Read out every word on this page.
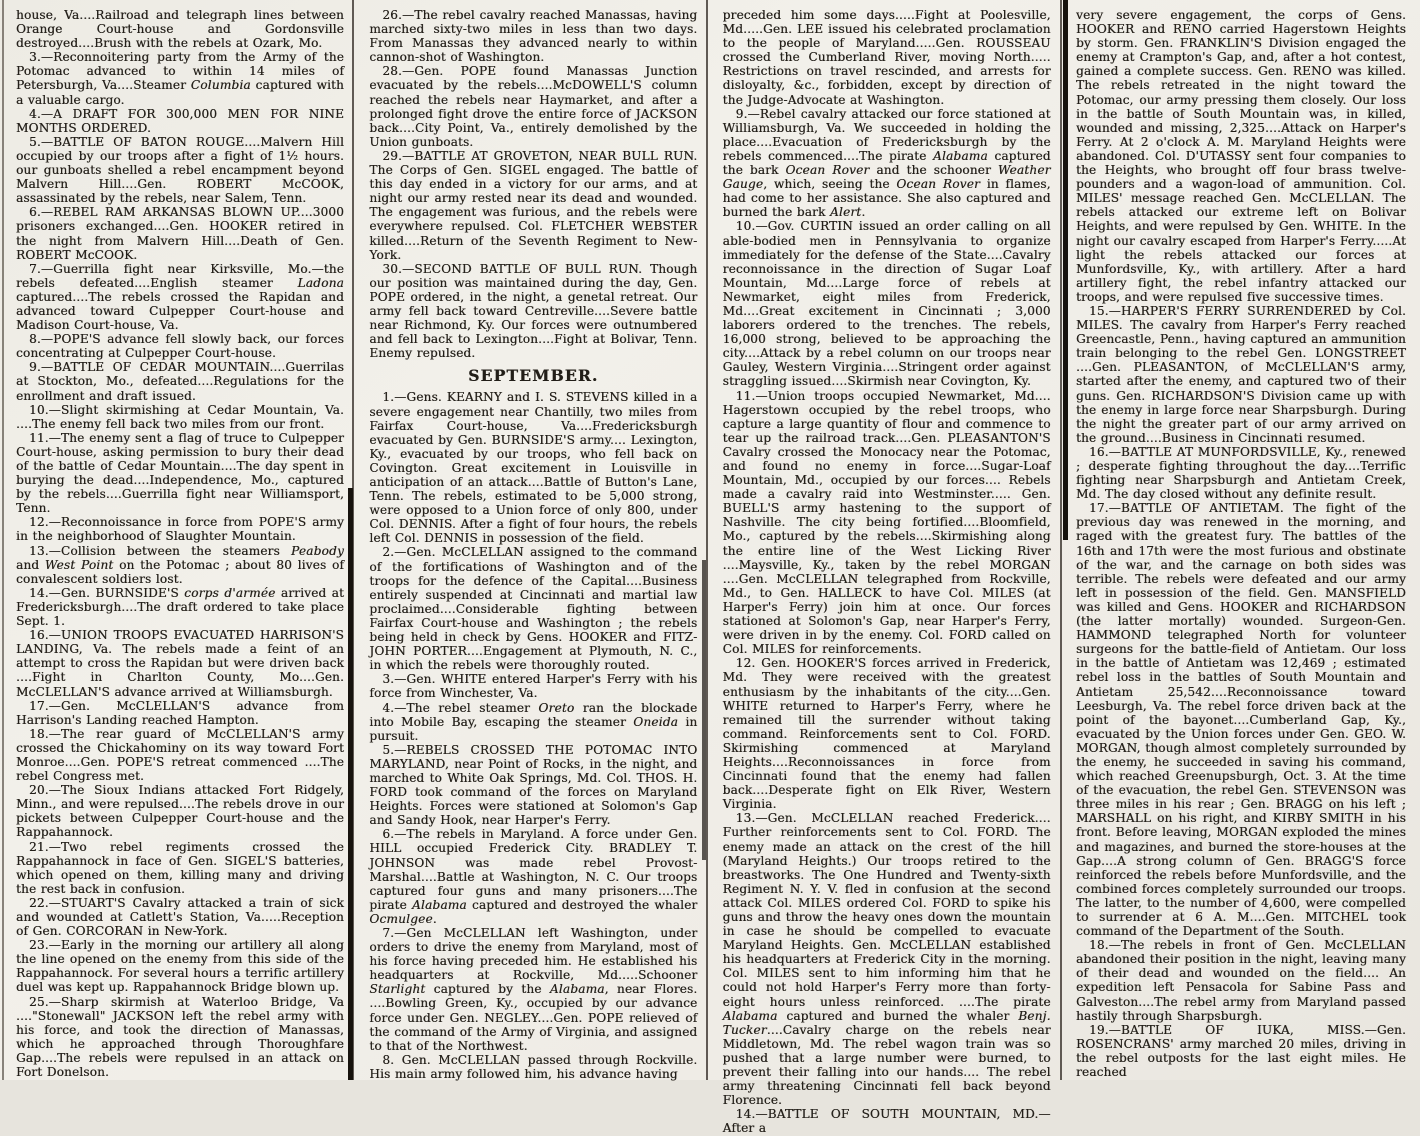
house, Va....Railroad and telegraph lines between Orange Court-house and Gordonsville destroyed....Brush with the rebels at Ozark, Mo.

3.—Reconnoitering party from the Army of the Potomac advanced to within 14 miles of Petersburgh, Va....Steamer Columbia captured with a valuable cargo.

4.—A DRAFT FOR 300,000 MEN FOR NINE MONTHS ORDERED.

5.—BATTLE OF BATON ROUGE....Malvern Hill occupied by our troops after a fight of 1½ hours. our gunboats shelled a rebel encampment beyond Malvern Hill....Gen. ROBERT McCOOK, assassinated by the rebels, near Salem, Tenn.

6.—REBEL RAM ARKANSAS BLOWN UP....3000 prisoners exchanged....Gen. HOOKER retired in the night from Malvern Hill....Death of Gen. ROBERT McCOOK.

7.—Guerrilla fight near Kirksville, Mo.—the rebels defeated....English steamer Ladona captured....The rebels crossed the Rapidan and advanced toward Culpepper Court-house and Madison Court-house, Va.

8.—POPE'S advance fell slowly back, our forces concentrating at Culpepper Court-house.

9.—BATTLE OF CEDAR MOUNTAIN....Guerrilas at Stockton, Mo., defeated....Regulations for the enrollment and draft issued.

10.—Slight skirmishing at Cedar Mountain, Va. ....The enemy fell back two miles from our front.

11.—The enemy sent a flag of truce to Culpepper Court-house, asking permission to bury their dead of the battle of Cedar Mountain....The day spent in burying the dead....Independence, Mo., captured by the rebels....Guerrilla fight near Williamsport, Tenn.

12.—Reconnoissance in force from POPE'S army in the neighborhood of Slaughter Mountain.

13.—Collision between the steamers Peabody and West Point on the Potomac ; about 80 lives of convalescent soldiers lost.

14.—Gen. BURNSIDE'S corps d'armée arrived at Fredericksburgh....The draft ordered to take place Sept. 1.

16.—UNION TROOPS EVACUATED HARRISON'S LANDING, Va. The rebels made a feint of an attempt to cross the Rapidan but were driven back ....Fight in Charlton County, Mo....Gen. McCLELLAN'S advance arrived at Williamsburgh.

17.—Gen. McCLELLAN'S advance from Harrison's Landing reached Hampton.

18.—The rear guard of McCLELLAN'S army crossed the Chickahominy on its way toward Fort Monroe....Gen. POPE'S retreat commenced ....The rebel Congress met.

20.—The Sioux Indians attacked Fort Ridgely, Minn., and were repulsed....The rebels drove in our pickets between Culpepper Court-house and the Rappahannock.

21.—Two rebel regiments crossed the Rappahannock in face of Gen. SIGEL'S batteries, which opened on them, killing many and driving the rest back in confusion.

22.—STUART'S Cavalry attacked a train of sick and wounded at Catlett's Station, Va.....Reception of Gen. CORCORAN in New-York.

23.—Early in the morning our artillery all along the line opened on the enemy from this side of the Rappahannock. For several hours a terrific artillery duel was kept up. Rappahannock Bridge blown up.

25.—Sharp skirmish at Waterloo Bridge, Va ...."Stonewall" JACKSON left the rebel army with his force, and took the direction of Manassas, which he approached through Thoroughfare Gap....The rebels were repulsed in an attack on Fort Donelson.

26.—The rebel cavalry reached Manassas, having marched sixty-two miles in less than two days. From Manassas they advanced nearly to within cannon-shot of Washington.

28.—Gen. POPE found Manassas Junction evacuated by the rebels....McDOWELL'S column reached the rebels near Haymarket, and after a prolonged fight drove the entire force of JACKSON back....City Point, Va., entirely demolished by the Union gunboats.

29.—BATTLE AT GROVETON, NEAR BULL RUN. The Corps of Gen. SIGEL engaged. The battle of this day ended in a victory for our arms, and at night our army rested near its dead and wounded. The engagement was furious, and the rebels were everywhere repulsed. Col. FLETCHER WEBSTER killed....Return of the Seventh Regiment to New-York.

30.—SECOND BATTLE OF BULL RUN. Though our position was maintained during the day, Gen. POPE ordered, in the night, a genetal retreat. Our army fell back toward Centreville....Severe battle near Richmond, Ky. Our forces were outnumbered and fell back to Lexington....Fight at Bolivar, Tenn. Enemy repulsed.

SEPTEMBER.

1.—Gens. KEARNY and I. S. STEVENS killed in a severe engagement near Chantilly, two miles from Fairfax Court-house, Va....Fredericksburgh evacuated by Gen. BURNSIDE'S army.... Lexington, Ky., evacuated by our troops, who fell back on Covington. Great excitement in Louisville in anticipation of an attack....Battle of Button's Lane, Tenn. The rebels, estimated to be 5,000 strong, were opposed to a Union force of only 800, under Col. DENNIS. After a fight of four hours, the rebels left Col. DENNIS in possession of the field.

2.—Gen. McCLELLAN assigned to the command of the fortifications of Washington and of the troops for the defence of the Capital....Business entirely suspended at Cincinnati and martial law proclaimed....Considerable fighting between Fairfax Court-house and Washington ; the rebels being held in check by Gens. HOOKER and FITZ-JOHN PORTER....Engagement at Plymouth, N. C., in which the rebels were thoroughly routed.

3.—Gen. WHITE entered Harper's Ferry with his force from Winchester, Va.

4.—The rebel steamer Oreto ran the blockade into Mobile Bay, escaping the steamer Oneida in pursuit.

5.—REBELS CROSSED THE POTOMAC INTO MARYLAND, near Point of Rocks, in the night, and marched to White Oak Springs, Md. Col. THOS. H. FORD took command of the forces on Maryland Heights. Forces were stationed at Solomon's Gap and Sandy Hook, near Harper's Ferry.

6.—The rebels in Maryland. A force under Gen. HILL occupied Frederick City. BRADLEY T. JOHNSON was made rebel Provost-Marshal....Battle at Washington, N. C. Our troops captured four guns and many prisoners....The pirate Alabama captured and destroyed the whaler Ocmulgee.

7.—Gen McCLELLAN left Washington, under orders to drive the enemy from Maryland, most of his force having preceded him. He established his headquarters at Rockville, Md.....Schooner Starlight captured by the Alabama, near Flores. ....Bowling Green, Ky., occupied by our advance force under Gen. NEGLEY....Gen. POPE relieved of the command of the Army of Virginia, and assigned to that of the Northwest.

8. Gen. McCLELLAN passed through Rockville. His main army followed him, his advance having

preceded him some days.....Fight at Poolesville, Md.....Gen. LEE issued his celebrated proclamation to the people of Maryland.....Gen. ROUSSEAU crossed the Cumberland River, moving North..... Restrictions on travel rescinded, and arrests for disloyalty, &c., forbidden, except by direction of the Judge-Advocate at Washington.

9.—Rebel cavalry attacked our force stationed at Williamsburgh, Va. We succeeded in holding the place....Evacuation of Fredericksburgh by the rebels commenced....The pirate Alabama captured the bark Ocean Rover and the schooner Weather Gauge, which, seeing the Ocean Rover in flames, had come to her assistance. She also captured and burned the bark Alert.

10.—Gov. CURTIN issued an order calling on all able-bodied men in Pennsylvania to organize immediately for the defense of the State....Cavalry reconnoissance in the direction of Sugar Loaf Mountain, Md....Large force of rebels at Newmarket, eight miles from Frederick, Md....Great excitement in Cincinnati ; 3,000 laborers ordered to the trenches. The rebels, 16,000 strong, believed to be approaching the city....Attack by a rebel column on our troops near Gauley, Western Virginia....Stringent order against straggling issued....Skirmish near Covington, Ky.

11.—Union troops occupied Newmarket, Md.... Hagerstown occupied by the rebel troops, who capture a large quantity of flour and commence to tear up the railroad track....Gen. PLEASANTON'S Cavalry crossed the Monocacy near the Potomac, and found no enemy in force....Sugar-Loaf Mountain, Md., occupied by our forces.... Rebels made a cavalry raid into Westminster..... Gen. BUELL'S army hastening to the support of Nashville. The city being fortified....Bloomfield, Mo., captured by the rebels....Skirmishing along the entire line of the West Licking River ....Maysville, Ky., taken by the rebel MORGAN ....Gen. McCLELLAN telegraphed from Rockville, Md., to Gen. HALLECK to have Col. MILES (at Harper's Ferry) join him at once. Our forces stationed at Solomon's Gap, near Harper's Ferry, were driven in by the enemy. Col. FORD called on Col. MILES for reinforcements.

12. Gen. HOOKER'S forces arrived in Frederick, Md. They were received with the greatest enthusiasm by the inhabitants of the city....Gen. WHITE returned to Harper's Ferry, where he remained till the surrender without taking command. Reinforcements sent to Col. FORD. Skirmishing commenced at Maryland Heights....Reconnoissances in force from Cincinnati found that the enemy had fallen back....Desperate fight on Elk River, Western Virginia.

13.—Gen. McCLELLAN reached Frederick.... Further reinforcements sent to Col. FORD. The enemy made an attack on the crest of the hill (Maryland Heights.) Our troops retired to the breastworks. The One Hundred and Twenty-sixth Regiment N. Y. V. fled in confusion at the second attack Col. MILES ordered Col. FORD to spike his guns and throw the heavy ones down the mountain in case he should be compelled to evacuate Maryland Heights. Gen. McCLELLAN established his headquarters at Frederick City in the morning. Col. MILES sent to him informing him that he could not hold Harper's Ferry more than forty-eight hours unless reinforced. ....The pirate Alabama captured and burned the whaler Benj. Tucker....Cavalry charge on the rebels near Middletown, Md. The rebel wagon train was so pushed that a large number were burned, to prevent their falling into our hands.... The rebel army threatening Cincinnati fell back beyond Florence.

14.—BATTLE OF SOUTH MOUNTAIN, MD.—After a

very severe engagement, the corps of Gens. HOOKER and RENO carried Hagerstown Heights by storm. Gen. FRANKLIN'S Division engaged the enemy at Crampton's Gap, and, after a hot contest, gained a complete success. Gen. RENO was killed. The rebels retreated in the night toward the Potomac, our army pressing them closely. Our loss in the battle of South Mountain was, in killed, wounded and missing, 2,325....Attack on Harper's Ferry. At 2 o'clock A. M. Maryland Heights were abandoned. Col. D'UTASSY sent four companies to the Heights, who brought off four brass twelve-pounders and a wagon-load of ammunition. Col. MILES' message reached Gen. McCLELLAN. The rebels attacked our extreme left on Bolivar Heights, and were repulsed by Gen. WHITE. In the night our cavalry escaped from Harper's Ferry.....At light the rebels attacked our forces at Munfordsville, Ky., with artillery. After a hard artillery fight, the rebel infantry attacked our troops, and were repulsed five successive times.

15.—HARPER'S FERRY SURRENDERED by Col. MILES. The cavalry from Harper's Ferry reached Greencastle, Penn., having captured an ammunition train belonging to the rebel Gen. LONGSTREET ....Gen. PLEASANTON, of McCLELLAN'S army, started after the enemy, and captured two of their guns. Gen. RICHARDSON'S Division came up with the enemy in large force near Sharpsburgh. During the night the greater part of our army arrived on the ground....Business in Cincinnati resumed.

16.—BATTLE AT MUNFORDSVILLE, Ky., renewed ; desperate fighting throughout the day....Terrific fighting near Sharpsburgh and Antietam Creek, Md. The day closed without any definite result.

17.—BATTLE OF ANTIETAM. The fight of the previous day was renewed in the morning, and raged with the greatest fury. The battles of the 16th and 17th were the most furious and obstinate of the war, and the carnage on both sides was terrible. The rebels were defeated and our army left in possession of the field. Gen. MANSFIELD was killed and Gens. HOOKER and RICHARDSON (the latter mortally) wounded. Surgeon-Gen. HAMMOND telegraphed North for volunteer surgeons for the battle-field of Antietam. Our loss in the battle of Antietam was 12,469 ; estimated rebel loss in the battles of South Mountain and Antietam 25,542....Reconnoissance toward Leesburgh, Va. The rebel force driven back at the point of the bayonet....Cumberland Gap, Ky., evacuated by the Union forces under Gen. GEO. W. MORGAN, though almost completely surrounded by the enemy, he succeeded in saving his command, which reached Greenupsburgh, Oct. 3. At the time of the evacuation, the rebel Gen. STEVENSON was three miles in his rear ; Gen. BRAGG on his left ; MARSHALL on his right, and KIRBY SMITH in his front. Before leaving, MORGAN exploded the mines and magazines, and burned the store-houses at the Gap....A strong column of Gen. BRAGG'S force reinforced the rebels before Munfordsville, and the combined forces completely surrounded our troops. The latter, to the number of 4,600, were compelled to surrender at 6 A. M....Gen. MITCHEL took command of the Department of the South.

18.—The rebels in front of Gen. McCLELLAN abandoned their position in the night, leaving many of their dead and wounded on the field.... An expedition left Pensacola for Sabine Pass and Galveston....The rebel army from Maryland passed hastily through Sharpsburgh.

19.—BATTLE OF IUKA, MISS.—Gen. ROSENCRANS' army marched 20 miles, driving in the rebel outposts for the last eight miles. He reached
